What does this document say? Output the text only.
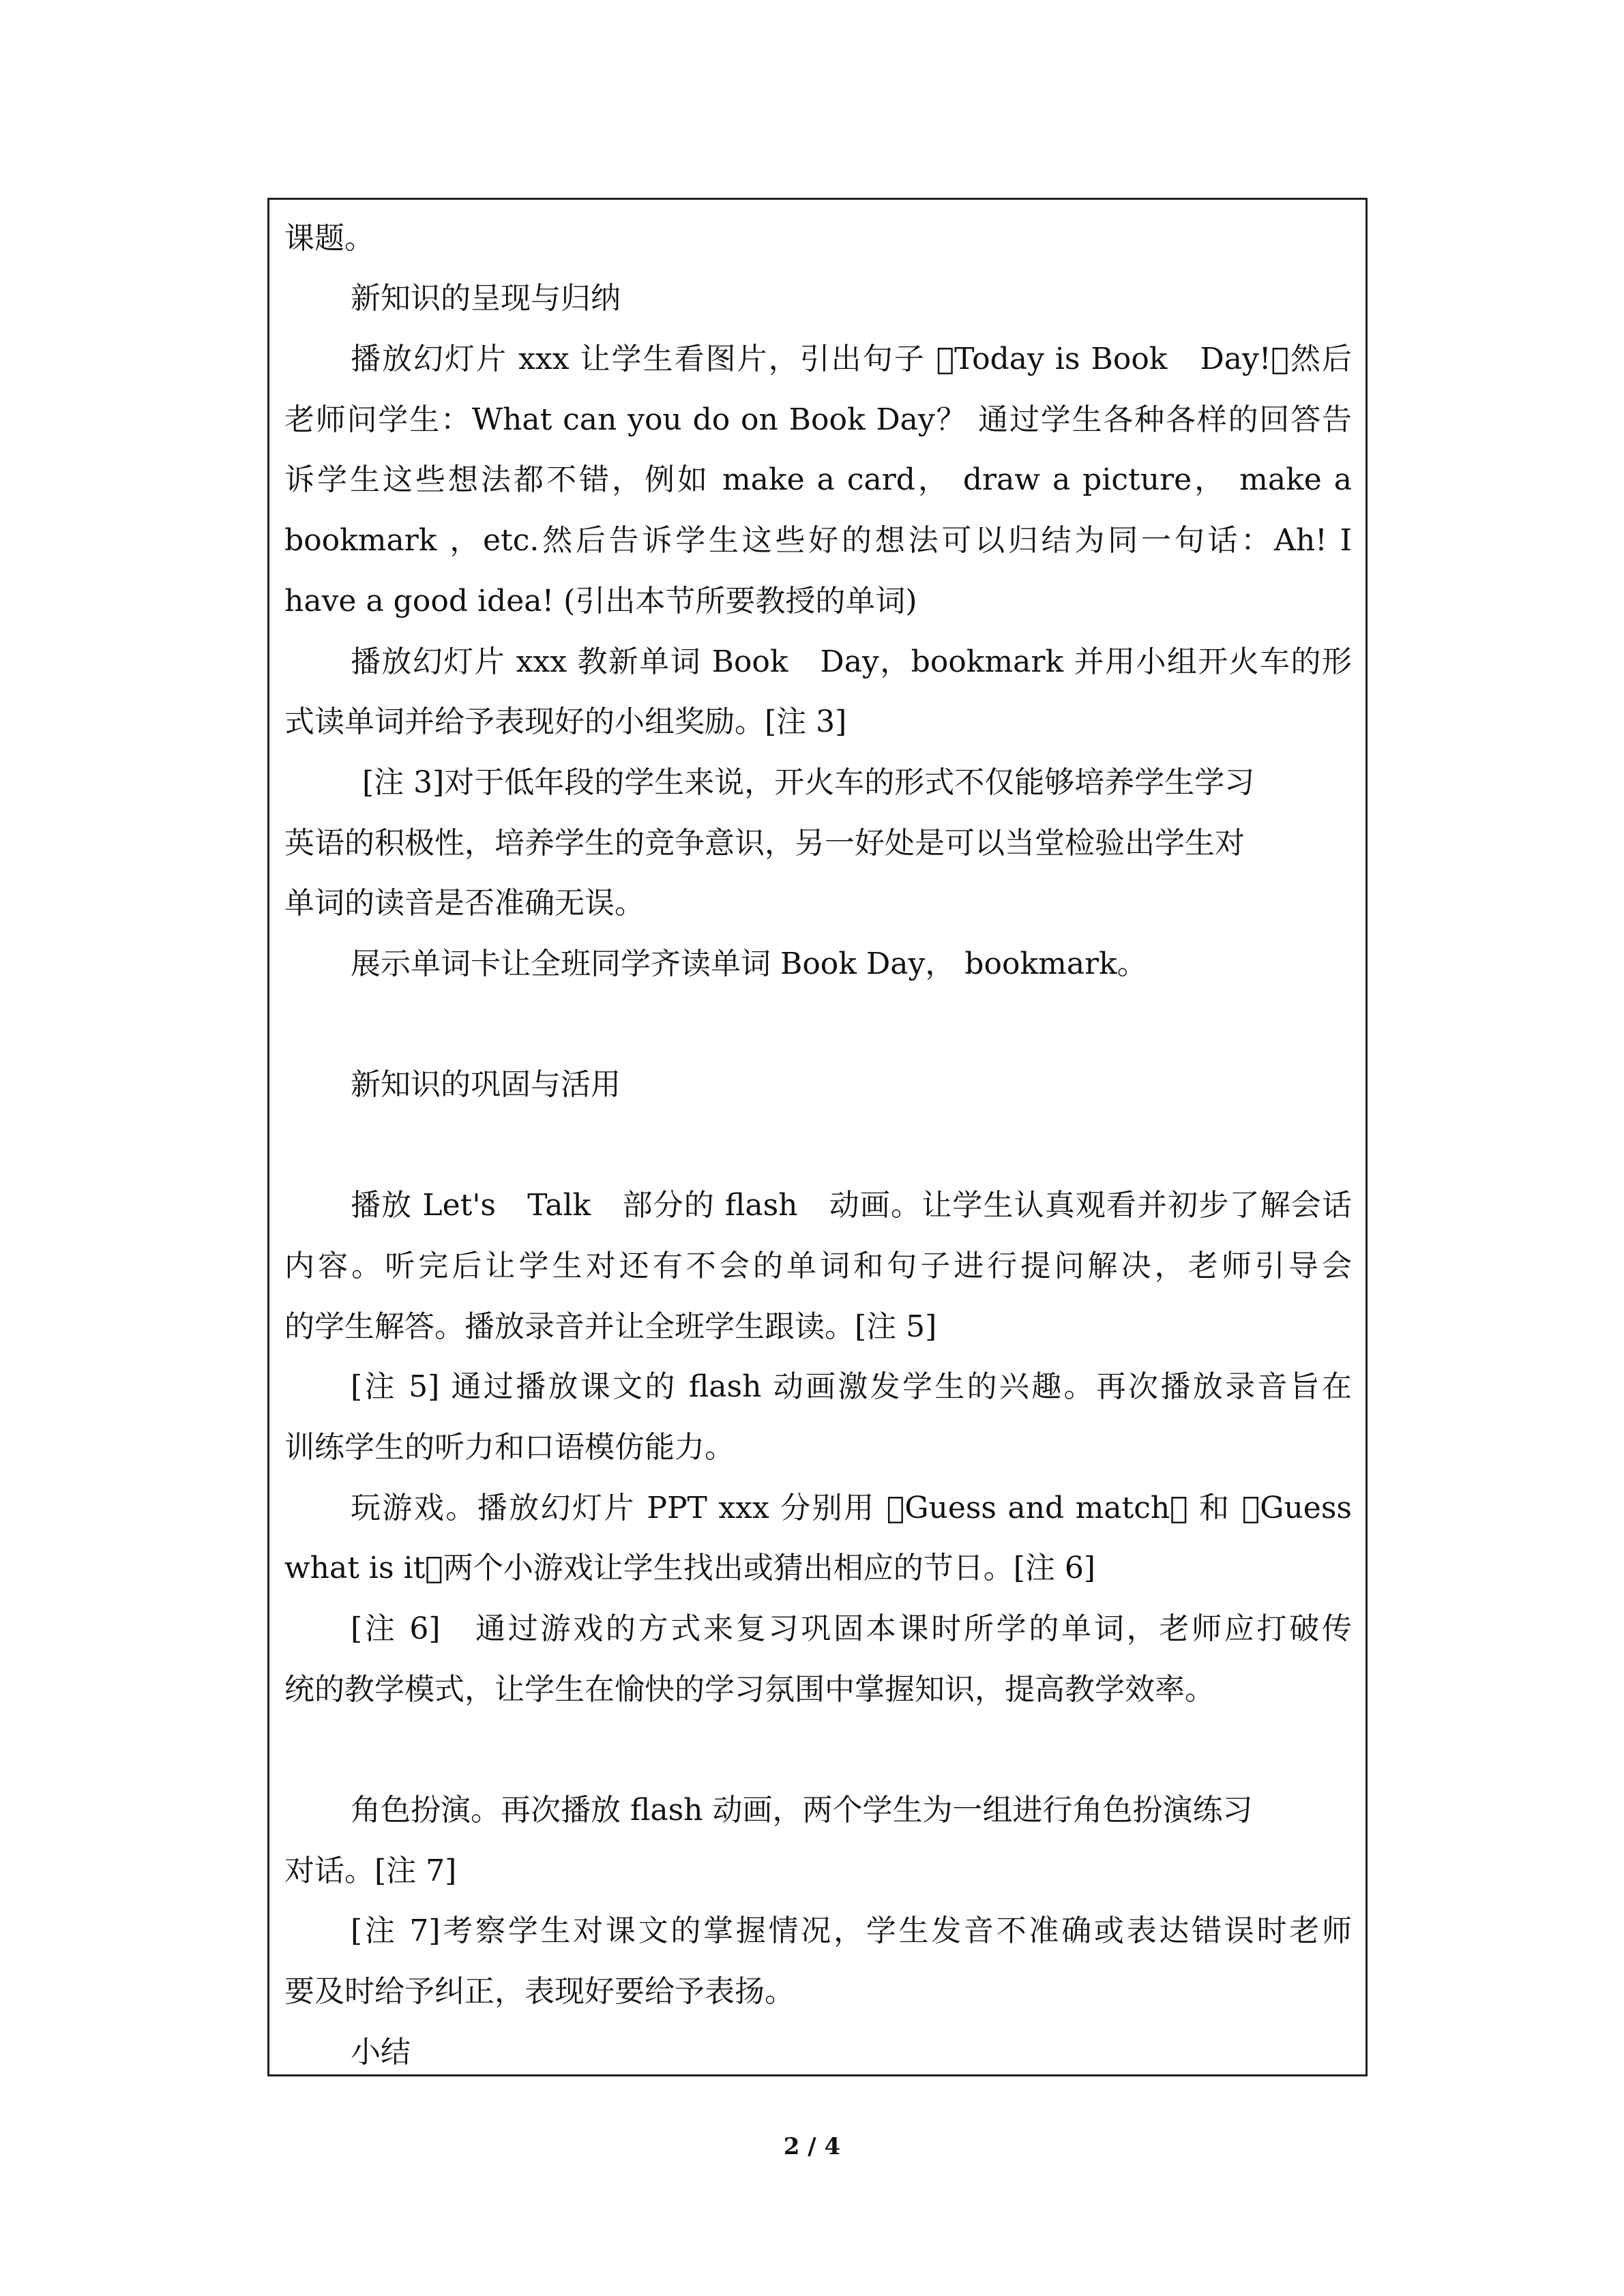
课题。
新知识的呈现与归纳
播放幻灯片 xxx 让学生看图片，引出句子  Today is Book　Day! 然后
老师问学生：What can you do on Book Day？ 通过学生各种各样的回答告
诉学生这些想法都不错，例如 make a card， draw a picture， make a
bookmark ，etc.然后告诉学生这些好的想法可以归结为同一句话：Ah! I
have a good idea! (引出本节所要教授的单词)
播放幻灯片 xxx 教新单词 Book　Day，bookmark 并用小组开火车的形
式读单词并给予表现好的小组奖励。[注 3]
[注 3]对于低年段的学生来说，开火车的形式不仅能够培养学生学习
英语的积极性，培养学生的竞争意识，另一好处是可以当堂检验出学生对
单词的读音是否准确无误。
展示单词卡让全班同学齐读单词 Book Day， bookmark。
新知识的巩固与活用
播放 Let's　Talk　部分的 flash　动画。让学生认真观看并初步了解会话
内容。听完后让学生对还有不会的单词和句子进行提问解决，老师引导会
的学生解答。播放录音并让全班学生跟读。[注 5]
[注 5] 通过播放课文的 flash 动画激发学生的兴趣。再次播放录音旨在
训练学生的听力和口语模仿能力。
玩游戏。播放幻灯片 PPT xxx 分别用  Guess and match  和  Guess
what is it 两个小游戏让学生找出或猜出相应的节日。[注 6]
[注 6]　通过游戏的方式来复习巩固本课时所学的单词，老师应打破传
统的教学模式，让学生在愉快的学习氛围中掌握知识，提高教学效率。
角色扮演。再次播放 flash 动画，两个学生为一组进行角色扮演练习
对话。[注 7]
[注 7]考察学生对课文的掌握情况，学生发音不准确或表达错误时老师
要及时给予纠正，表现好要给予表扬。
小结
2 / 4
